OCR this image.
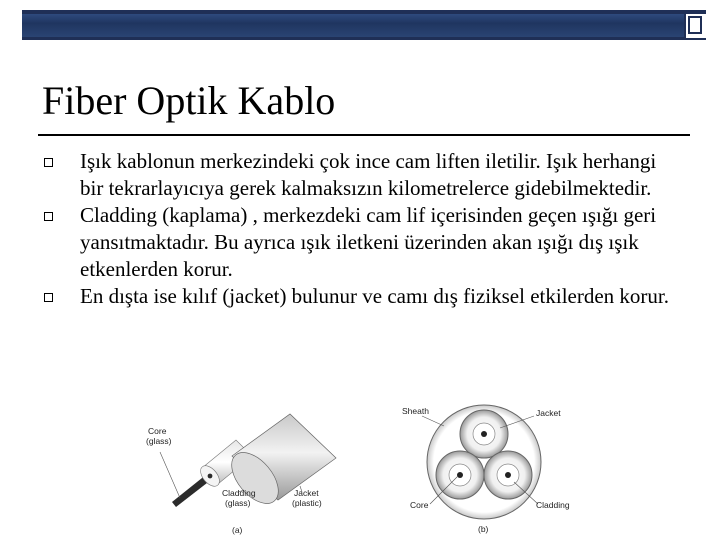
Fiber Optik Kablo
Işık kablonun merkezindeki çok ince cam liften iletilir. Işık herhangi bir tekrarlayıcıya gerek kalmaksızın kilometrelerce gidebilmektedir.
Cladding (kaplama) , merkezdeki cam lif içerisinden geçen ışığı geri yansıtmaktadır. Bu ayrıca ışık iletkeni üzerinden akan ışığı dış ışık etkenlerden korur.
En dışta ise kılıf (jacket) bulunur ve camı dış fiziksel etkilerden korur.
Core
(glass)
Cladding
(glass)
Jacket
(plastic)
(a)
Sheath	Jacket
Core	Cladding
(b)
